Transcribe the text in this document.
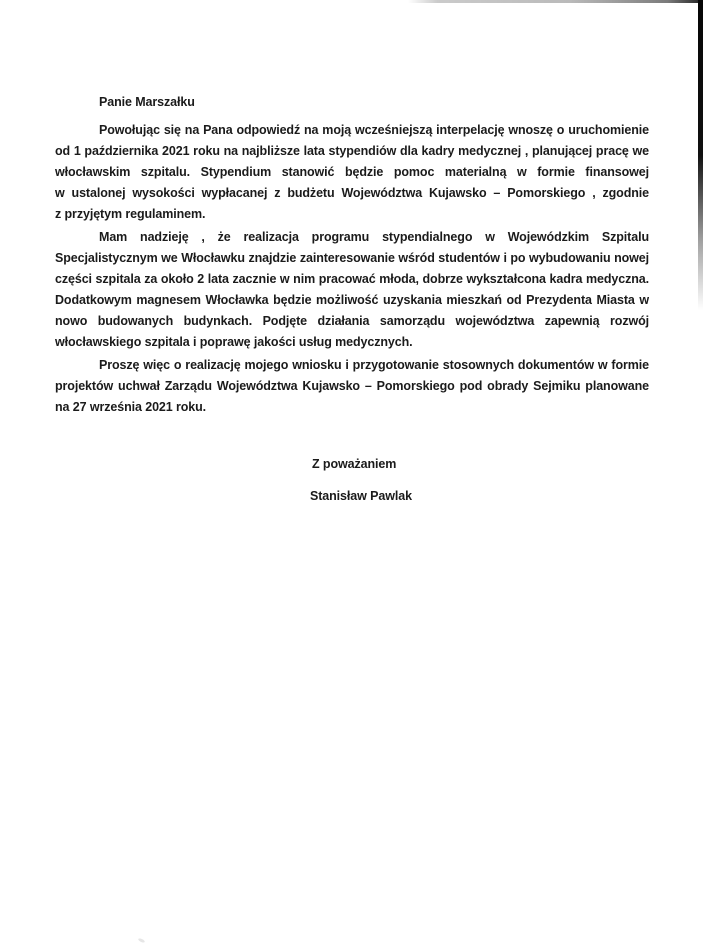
Panie Marszałku

Powołując się na Pana odpowiedź na moją wcześniejszą interpelację wnoszę o uruchomienie
od 1 października 2021 roku na najbliższe lata stypendiów dla kadry medycznej , planującej pracę we
włocławskim szpitalu. Stypendium stanowić będzie pomoc materialną w formie finansowej
w ustalonej wysokości wypłacanej z budżetu Województwa Kujawsko – Pomorskiego , zgodnie
z przyjętym regulaminem.
Mam nadzieję , że realizacja programu stypendialnego w Wojewódzkim Szpitalu
Specjalistycznym we Włocławku znajdzie zainteresowanie wśród studentów i po wybudowaniu nowej
części szpitala za około 2 lata zacznie w nim pracować młoda, dobrze wykształcona kadra medyczna.
Dodatkowym magnesem Włocławka będzie możliwość uzyskania mieszkań od Prezydenta Miasta w
nowo budowanych budynkach. Podjęte działania samorządu województwa zapewnią rozwój
włocławskiego szpitala i poprawę jakości usług medycznych.
Proszę więc o realizację mojego wniosku i przygotowanie stosownych dokumentów w formie
projektów uchwał Zarządu Województwa Kujawsko – Pomorskiego pod obrady Sejmiku planowane
na 27 września 2021 roku.

Z poważaniem

Stanisław Pawlak
